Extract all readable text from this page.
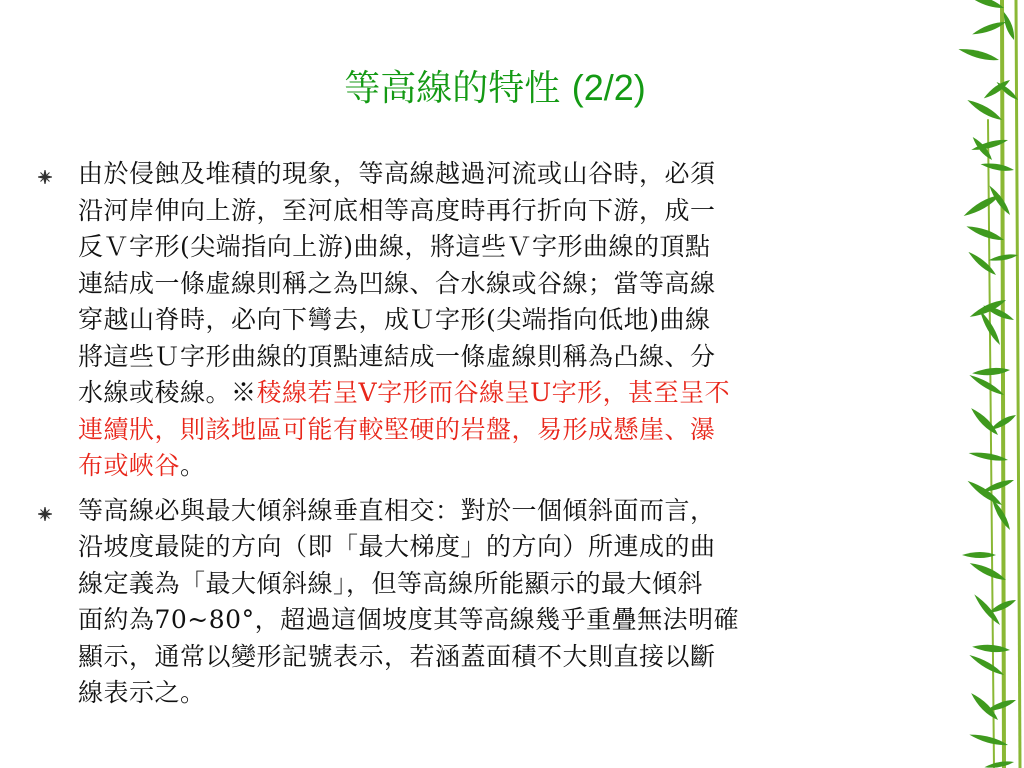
等高線的特性 (2/2)
由於侵蝕及堆積的現象，等高線越過河流或山谷時，必須
沿河岸伸向上游，至河底相等高度時再行折向下游，成一
反Ｖ字形(尖端指向上游)曲線，將這些Ｖ字形曲線的頂點
連結成一條虛線則稱之為凹線、合水線或谷線；當等高線
穿越山脊時，必向下彎去，成Ｕ字形(尖端指向低地)曲線
將這些Ｕ字形曲線的頂點連結成一條虛線則稱為凸線、分
水線或稜線。※稜線若呈V字形而谷線呈U字形，甚至呈不
連續狀，則該地區可能有較堅硬的岩盤，易形成懸崖、瀑
布或峽谷。
等高線必與最大傾斜線垂直相交：對於一個傾斜面而言，
沿坡度最陡的方向（即「最大梯度」的方向）所連成的曲
線定義為「最大傾斜線」，但等高線所能顯示的最大傾斜
面約為70~80°，超過這個坡度其等高線幾乎重疊無法明確
顯示，通常以變形記號表示，若涵蓋面積不大則直接以斷
線表示之。
